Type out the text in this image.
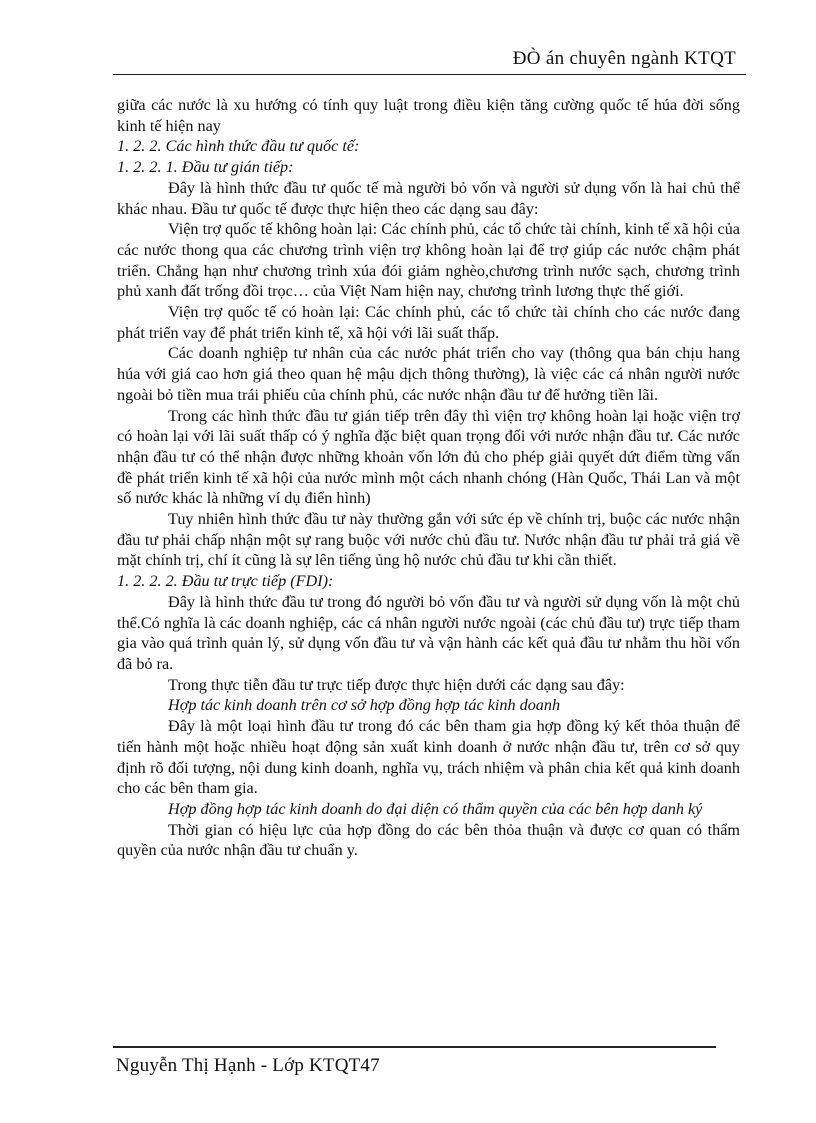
ĐÒ án chuyên ngành KTQT

giữa các nước là xu hướng có tính quy luật trong điều kiện tăng cường quốc tế húa đời sống kinh tế hiện nay

1. 2. 2. Các hình thức đầu tư quốc tế:

1. 2. 2. 1. Đầu tư gián tiếp:

Đây là hình thức đầu tư quốc tế mà người bỏ vốn và người sử dụng vốn là hai chủ thể khác nhau. Đầu tư quốc tế được thực hiện theo các dạng sau đây:

Viện trợ quốc tế không hoàn lại: Các chính phủ, các tổ chức tài chính, kinh tế xã hội của các nước thong qua các chương trình viện trợ không hoàn lại để trợ giúp các nước chậm phát triển. Chẳng hạn như chương trình xúa đói giảm nghèo,chương trình nước sạch, chương trình phủ xanh đất trống đồi trọc… của Việt Nam hiện nay, chương trình lương thực thế giới.

Viện trợ quốc tế có hoàn lại: Các chính phủ, các tổ chức tài chính cho các nước đang phát triển vay để phát triển kinh tế, xã hội với lãi suất thấp.

Các doanh nghiệp tư nhân của các nước phát triển cho vay (thông qua bán chịu hang húa với giá cao hơn giá theo quan hệ mậu dịch thông thường), là việc các cá nhân người nước ngoài bỏ tiền mua trái phiếu của chính phủ, các nước nhận đầu tư để hưởng tiền lãi.

Trong các hình thức đầu tư gián tiếp trên đây thì viện trợ không hoàn lại hoặc viện trợ có hoàn lại với lãi suất thấp có ý nghĩa đặc biệt quan trọng đối với nước nhận đầu tư. Các nước nhận đầu tư có thể nhận được những khoản vốn lớn đủ cho phép giải quyết dứt điểm từng vấn đề phát triển kinh tế xã hội của nước mình một cách nhanh chóng (Hàn Quốc, Thái Lan và một số nước khác là những ví dụ điển hình)

Tuy nhiên hình thức đầu tư này thường gắn với sức ép về chính trị, buộc các nước nhận đầu tư phải chấp nhận một sự rang buộc với nước chủ đầu tư. Nước nhận đầu tư phải trả giá về mặt chính trị, chí ít cũng là sự lên tiếng ủng hộ nước chủ đầu tư khi cần thiết.

1. 2. 2. 2. Đầu tư trực tiếp (FDI):

Đây là hình thức đầu tư trong đó người bỏ vốn đầu tư và người sử dụng vốn là một chủ thể.Có nghĩa là các doanh nghiệp, các cá nhân người nước ngoài (các chủ đầu tư) trực tiếp tham gia vào quá trình quản lý, sử dụng vốn đầu tư và vận hành các kết quả đầu tư nhằm thu hồi vốn đã bỏ ra.

Trong thực tiễn đầu tư trực tiếp được thực hiện dưới các dạng sau đây:

Hợp tác kinh doanh trên cơ sở hợp đồng hợp tác kinh doanh

Đây là một loại hình đầu tư trong đó các bên tham gia hợp đồng ký kết thỏa thuận để tiến hành một hoặc nhiều hoạt động sản xuất kinh doanh ở nước nhận đầu tư, trên cơ sở quy định rõ đối tượng, nội dung kinh doanh, nghĩa vụ, trách nhiệm và phân chia kết quả kinh doanh cho các bên tham gia.

Hợp đồng hợp tác kinh doanh do đại diện có thẩm quyền của các bên hợp danh ký

Thời gian có hiệu lực của hợp đồng do các bên thỏa thuận và được cơ quan có thẩm quyền của nước nhận đầu tư chuẩn y.

Nguyễn Thị Hạnh - Lớp KTQT47
